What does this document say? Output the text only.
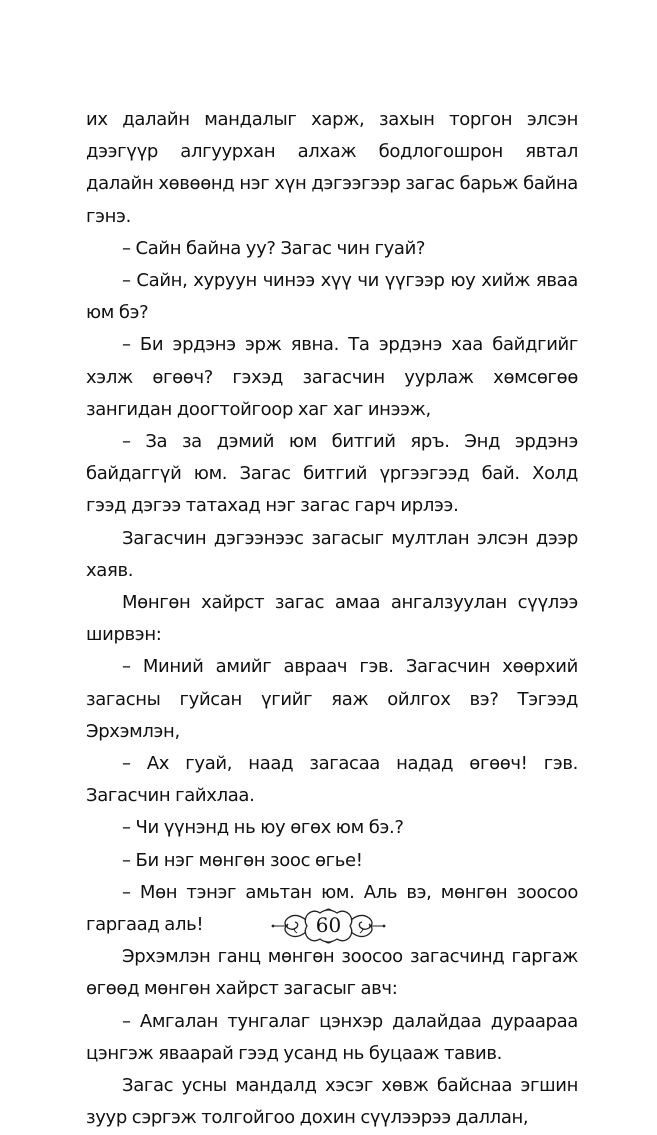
их далайн мандалыг харж, захын торгон элсэн дээгүүр алгуурхан алхаж бодлогошрон явтал далайн хөвөөнд нэг хүн дэгээгээр загас барьж байна гэнэ.

– Сайн байна уу? Загас чин гуай?

– Сайн, хуруун чинээ хүү чи үүгээр юу хийж яваа юм бэ?

– Би эрдэнэ эрж явна. Та эрдэнэ хаа байдгийг хэлж өгөөч? гэхэд загасчин уурлаж хөмсөгөө зангидан доогтойгоор хаг хаг инээж,

– За за дэмий юм битгий яръ. Энд эрдэнэ байдаггүй юм. Загас битгий үргээгээд бай. Холд гээд дэгээ татахад нэг загас гарч ирлээ.

Загасчин дэгээнээс загасыг мултлан элсэн дээр хаяв.

Мөнгөн хайрст загас амаа ангалзуулан сүүлээ ширвэн:

– Миний амийг авраач гэв. Загасчин хөөрхий загасны гуйсан үгийг яаж ойлгох вэ? Тэгээд Эрхэмлэн,

– Ах гуай, наад загасаа надад өгөөч! гэв. Загасчин гайхлаа.

– Чи үүнэнд нь юу өгөх юм бэ.?

– Би нэг мөнгөн зоос өгье!

– Мөн тэнэг амьтан юм. Аль вэ, мөнгөн зоосоо гаргаад аль!

Эрхэмлэн ганц мөнгөн зоосоо загасчинд гаргаж өгөөд мөнгөн хайрст загасыг авч:

– Амгалан тунгалаг цэнхэр далайдаа дураараа цэнгэж яваарай гээд усанд нь буцааж тавив.

Загас усны мандалд хэсэг хөвж байснаа эгшин зуур сэргэж толгойгоо дохин сүүлээрээ даллан,

60
